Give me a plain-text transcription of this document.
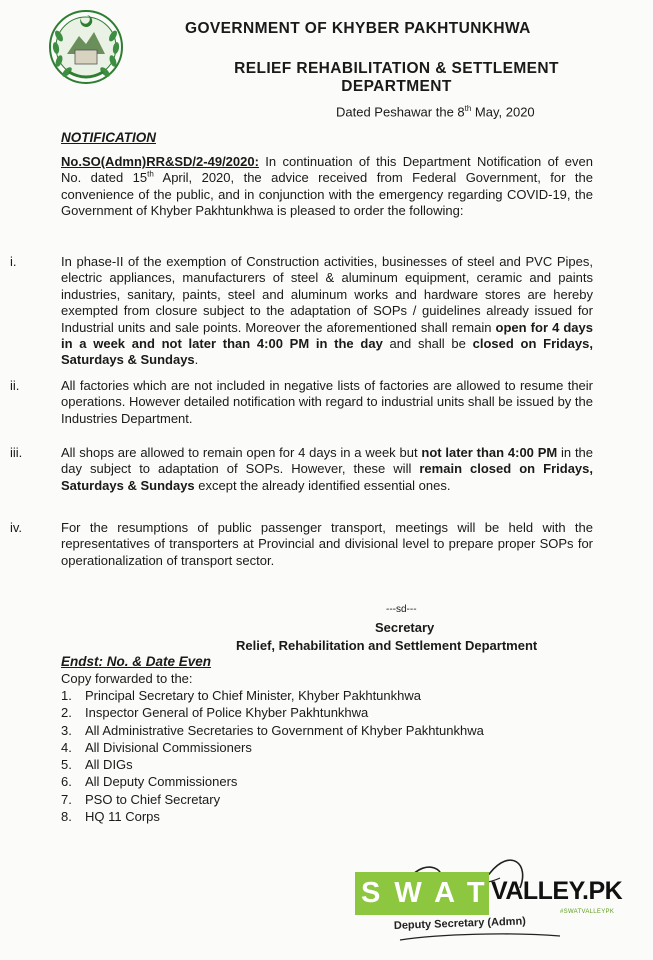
GOVERNMENT OF KHYBER PAKHTUNKHWA
RELIEF REHABILITATION & SETTLEMENT
DEPARTMENT
Dated Peshawar the 8th May, 2020
NOTIFICATION
No.SO(Admn)RR&SD/2-49/2020: In continuation of this Department Notification of even No. dated 15th April, 2020, the advice received from Federal Government, for the convenience of the public, and in conjunction with the emergency regarding COVID-19, the Government of Khyber Pakhtunkhwa is pleased to order the following:
i.	In phase-II of the exemption of Construction activities, businesses of steel and PVC Pipes, electric appliances, manufacturers of steel & aluminum equipment, ceramic and paints industries, sanitary, paints, steel and aluminum works and hardware stores are hereby exempted from closure subject to the adaptation of SOPs / guidelines already issued for Industrial units and sale points. Moreover the aforementioned shall remain open for 4 days in a week and not later than 4:00 PM in the day and shall be closed on Fridays, Saturdays & Sundays.
ii.	All factories which are not included in negative lists of factories are allowed to resume their operations. However detailed notification with regard to industrial units shall be issued by the Industries Department.
iii.	All shops are allowed to remain open for 4 days in a week but not later than 4:00 PM in the day subject to adaptation of SOPs. However, these will remain closed on Fridays, Saturdays & Sundays except the already identified essential ones.
iv.	For the resumptions of public passenger transport, meetings will be held with the representatives of transporters at Provincial and divisional level to prepare proper SOPs for operationalization of transport sector.
---sd---
Secretary
Relief, Rehabilitation and Settlement Department
Endst: No. & Date Even
Copy forwarded to the:
1.	Principal Secretary to Chief Minister, Khyber Pakhtunkhwa
2.	Inspector General of Police Khyber Pakhtunkhwa
3.	All Administrative Secretaries to Government of Khyber Pakhtunkhwa
4.	All Divisional Commissioners
5.	All DIGs
6.	All Deputy Commissioners
7.	PSO to Chief Secretary
8.	HQ 11 Corps
Deputy Secretary (Admn)
SWAT
VALLEY.PK
#SWATVALLEYPK
